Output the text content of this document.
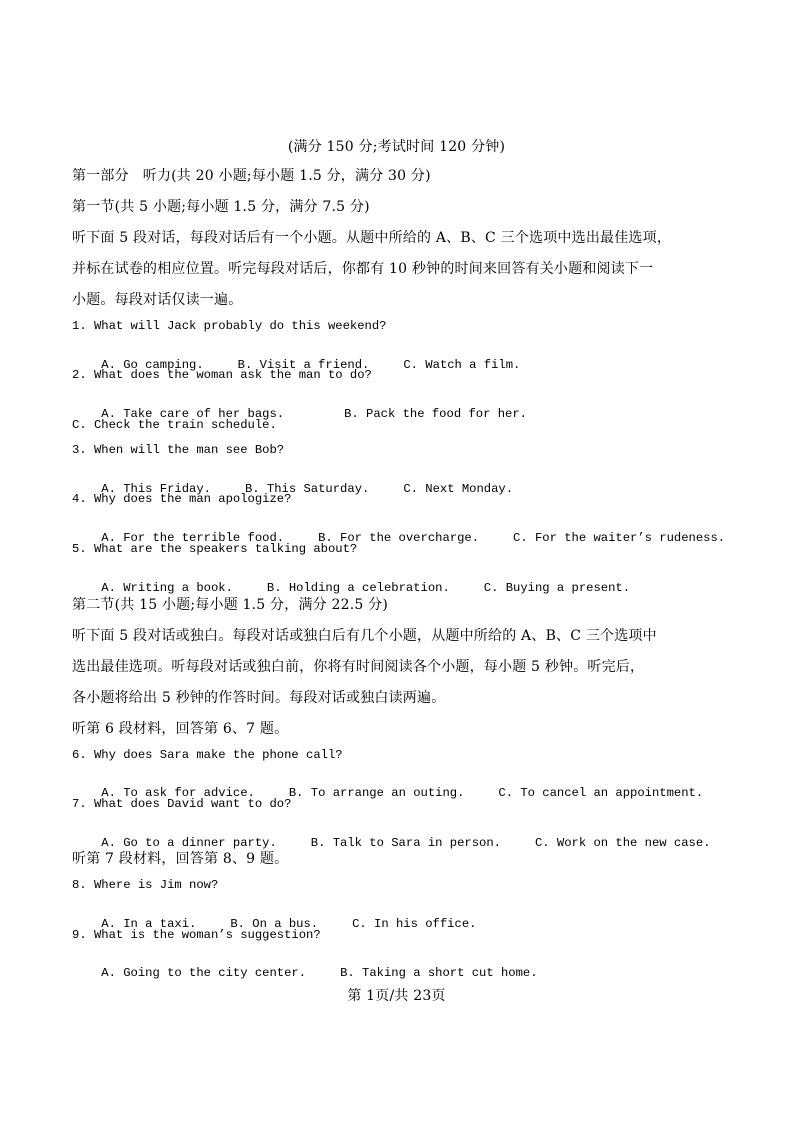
(满分 150 分;考试时间 120 分钟)
第一部分   听力(共 20 小题;每小题 1.5 分，满分 30 分)
第一节(共 5 小题;每小题 1.5 分，满分 7.5 分)
听下面 5 段对话，每段对话后有一个小题。从题中所给的 A、B、C 三个选项中选出最佳选项，
并标在试卷的相应位置。听完每段对话后，你都有 10 秒钟的时间来回答有关小题和阅读下一
小题。每段对话仅读一遍。
1. What will Jack probably do this weekend?

A. Go camping.	B. Visit a friend.	C. Watch a film.

2. What does the woman ask the man to do?

A. Take care of her bags.	B. Pack the food for her.

C. Check the train schedule.
3. When will the man see Bob?

A. This Friday.	B. This Saturday.	C. Next Monday.

4. Why does the man apologize?

A. For the terrible food.	B. For the overcharge.	C. For the waiter’s rudeness.

5. What are the speakers talking about?

A. Writing a book.	B. Holding a celebration.	C. Buying a present.

第二节(共 15 小题;每小题 1.5 分，满分 22.5 分)
听下面 5 段对话或独白。每段对话或独白后有几个小题，从题中所给的 A、B、C 三个选项中
选出最佳选项。听每段对话或独白前，你将有时间阅读各个小题，每小题 5 秒钟。听完后，
各小题将给出 5 秒钟的作答时间。每段对话或独白读两遍。
听第 6 段材料，回答第 6、7 题。
6. Why does Sara make the phone call?

A. To ask for advice.	B. To arrange an outing.	C. To cancel an appointment.

7. What does David want to do?

A. Go to a dinner party.	B. Talk to Sara in person.	C. Work on the new case.

听第 7 段材料，回答第 8、9 题。
8. Where is Jim now?

A. In a taxi.	B. On a bus.	C. In his office.

9. What is the woman’s suggestion?

A. Going to the city center.	B. Taking a short cut home.

第 1页/共 23页
